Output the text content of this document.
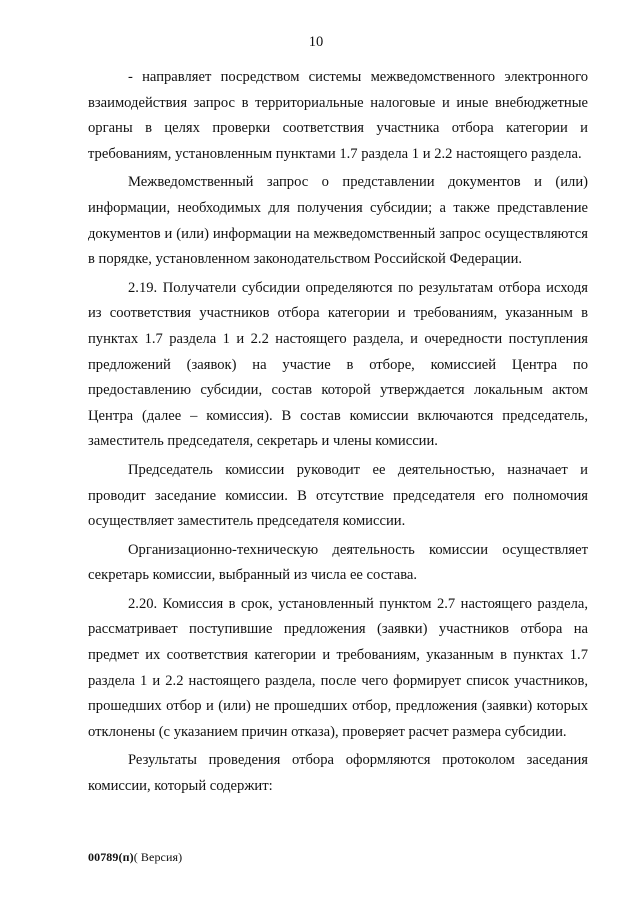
10

- направляет посредством системы межведомственного электронного взаимодействия запрос в территориальные налоговые и иные внебюджетные органы в целях проверки соответствия участника отбора категории и требованиям, установленным пунктами 1.7 раздела 1 и 2.2 настоящего раздела.

Межведомственный запрос о представлении документов и (или) информации, необходимых для получения субсидии; а также представление документов и (или) информации на межведомственный запрос осуществляются в порядке, установленном законодательством Российской Федерации.

2.19. Получатели субсидии определяются по результатам отбора исходя из соответствия участников отбора категории и требованиям, указанным в пунктах 1.7 раздела 1 и 2.2 настоящего раздела, и очередности поступления предложений (заявок) на участие в отборе, комиссией Центра по предоставлению субсидии, состав которой утверждается локальным актом Центра (далее – комиссия). В состав комиссии включаются председатель, заместитель председателя, секретарь и члены комиссии.

Председатель комиссии руководит ее деятельностью, назначает и проводит заседание комиссии. В отсутствие председателя его полномочия осуществляет заместитель председателя комиссии.

Организационно-техническую деятельность комиссии осуществляет секретарь комиссии, выбранный из числа ее состава.

2.20. Комиссия в срок, установленный пунктом 2.7 настоящего раздела, рассматривает поступившие предложения (заявки) участников отбора на предмет их соответствия категории и требованиям, указанным в пунктах 1.7 раздела 1 и 2.2 настоящего раздела, после чего формирует список участников, прошедших отбор и (или) не прошедших отбор, предложения (заявки) которых отклонены (с указанием причин отказа), проверяет расчет размера субсидии.

Результаты проведения отбора оформляются протоколом заседания комиссии, который содержит:

00789(п)( Версия)
